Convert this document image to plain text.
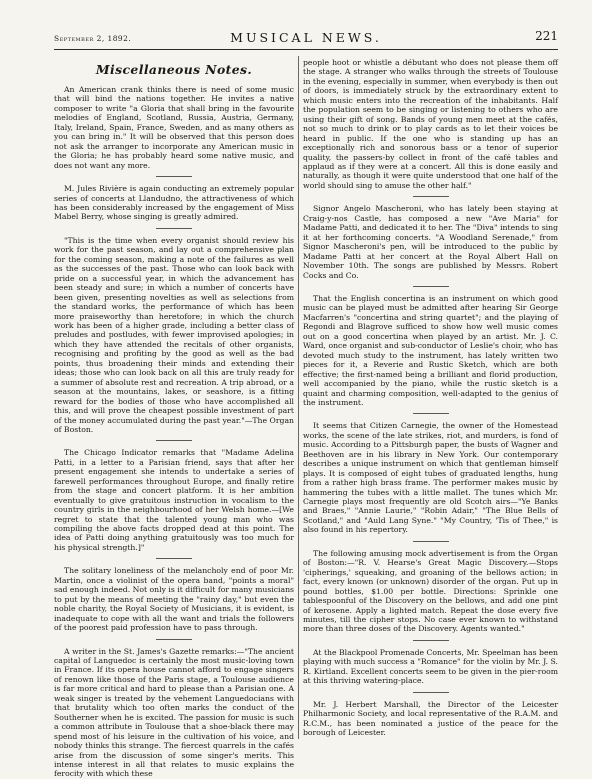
September 2, 1892.	MUSICAL NEWS.	221
Miscellaneous Notes.

An American crank thinks there is need of some music that will bind the nations together. He invites a native composer to write "a Gloria that shall bring in the favourite melodies of England, Scotland, Russia, Austria, Germany, Italy, Ireland, Spain, France, Sweden, and as many others as you can bring in." It will be observed that this person does not ask the arranger to incorporate any American music in the Gloria; he has probably heard some native music, and does not want any more.

M. Jules Rivière is again conducting an extremely popular series of concerts at Llandudno, the attractiveness of which has been considerably increased by the engagement of Miss Mabel Berry, whose singing is greatly admired.

"This is the time when every organist should review his work for the past season, and lay out a comprehensive plan for the coming season, making a note of the failures as well as the successes of the past. Those who can look back with pride on a successful year, in which the advancement has been steady and sure; in which a number of concerts have been given, presenting novelties as well as selections from the standard works, the performance of which has been more praiseworthy than heretofore; in which the church work has been of a higher grade, including a better class of preludes and postludes, with fewer improvised apologies; in which they have attended the recitals of other organists, recognising and profiting by the good as well as the bad points, thus broadening their minds and extending their ideas; those who can look back on all this are truly ready for a summer of absolute rest and recreation. A trip abroad, or a season at the mountains, lakes, or seashore, is a fitting reward for the bodies of those who have accomplished all this, and will prove the cheapest possible investment of part of the money accumulated during the past year."—The Organ of Boston.

The Chicago Indicator remarks that "Madame Adelina Patti, in a letter to a Parisian friend, says that after her present engagement she intends to undertake a series of farewell performances throughout Europe, and finally retire from the stage and concert platform. It is her ambition eventually to give gratuitous instruction in vocalism to the country girls in the neighbourhood of her Welsh home.—[We regret to state that the talented young man who was compiling the above facts dropped dead at this point. The idea of Patti doing anything gratuitously was too much for his physical strength.]"

The solitary loneliness of the melancholy end of poor Mr. Martin, once a violinist of the opera band, "points a moral" sad enough indeed. Not only is it difficult for many musicians to put by the means of meeting the "rainy day," but even the noble charity, the Royal Society of Musicians, it is evident, is inadequate to cope with all the want and trials the followers of the poorest paid profession have to pass through.

A writer in the St. James's Gazette remarks:—"The ancient capital of Languedoc is certainly the most music-loving town in France. If its opera house cannot afford to engage singers of renown like those of the Paris stage, a Toulouse audience is far more critical and hard to please than a Parisian one. A weak singer is treated by the vehement Languedocians with that brutality which too often marks the conduct of the Southerner when he is excited. The passion for music is such a common attribute in Toulouse that a shoe-black there may spend most of his leisure in the cultivation of his voice, and nobody thinks this strange. The fiercest quarrels in the cafés arise from the discussion of some singer's merits. This intense interest in all that relates to music explains the ferocity with which these

people hoot or whistle a débutant who does not please them off the stage. A stranger who walks through the streets of Toulouse in the evening, especially in summer, when everybody is then out of doors, is immediately struck by the extraordinary extent to which music enters into the recreation of the inhabitants. Half the population seem to be singing or listening to others who are using their gift of song. Bands of young men meet at the cafés, not so much to drink or to play cards as to let their voices be heard in public. If the one who is standing up has an exceptionally rich and sonorous bass or a tenor of superior quality, the passers-by collect in front of the café tables and applaud as if they were at a concert. All this is done easily and naturally, as though it were quite understood that one half of the world should sing to amuse the other half."

Signor Angelo Mascheroni, who has lately been staying at Craig-y-nos Castle, has composed a new "Ave Maria" for Madame Patti, and dedicated it to her. The "Diva" intends to sing it at her forthcoming concerts. "A Woodland Serenade," from Signor Mascheroni's pen, will be introduced to the public by Madame Patti at her concert at the Royal Albert Hall on November 10th. The songs are published by Messrs. Robert Cocks and Co.

That the English concertina is an instrument on which good music can be played must be admitted after hearing Sir George Macfarren's "concertina and string quartet"; and the playing of Regondi and Blagrove sufficed to show how well music comes out on a good concertina when played by an artist. Mr. J. C. Ward, once organist and sub-conductor of Leslie's choir, who has devoted much study to the instrument, has lately written two pieces for it, a Reverie and Rustic Sketch, which are both effective; the first-named being a brilliant and florid production, well accompanied by the piano, while the rustic sketch is a quaint and charming composition, well-adapted to the genius of the instrument.

It seems that Citizen Carnegie, the owner of the Homestead works, the scene of the late strikes, riot, and murders, is fond of music. According to a Pittsburgh paper, the busts of Wagner and Beethoven are in his library in New York. Our contemporary describes a unique instrument on which that gentleman himself plays. It is composed of eight tubes of graduated lengths, hung from a rather high brass frame. The performer makes music by hammering the tubes with a little mallet. The tunes which Mr. Carnegie plays most frequently are old Scotch airs—"Ye Banks and Braes," "Annie Laurie," "Robin Adair," "The Blue Bells of Scotland," and "Auld Lang Syne." "My Country, 'Tis of Thee," is also found in his repertory.

The following amusing mock advertisement is from the Organ of Boston:—"R. V. Hearse's Great Magic Discovery.—Stops 'cipherings,' squeaking, and groaning of the bellows action; in fact, every known (or unknown) disorder of the organ. Put up in pound bottles, $1.00 per bottle. Directions: Sprinkle one tablespoonful of the Discovery on the bellows, and add one pint of kerosene. Apply a lighted match. Repeat the dose every five minutes, till the cipher stops. No case ever known to withstand more than three doses of the Discovery. Agents wanted."

At the Blackpool Promenade Concerts, Mr. Speelman has been playing with much success a "Romance" for the violin by Mr. J. S. R. Kirtland. Excellent concerts seem to be given in the pier-room at this thriving watering-place.

Mr. J. Herbert Marshall, the Director of the Leicester Philharmonic Society, and local representative of the R.A.M. and R.C.M., has been nominated a justice of the peace for the borough of Leicester.
